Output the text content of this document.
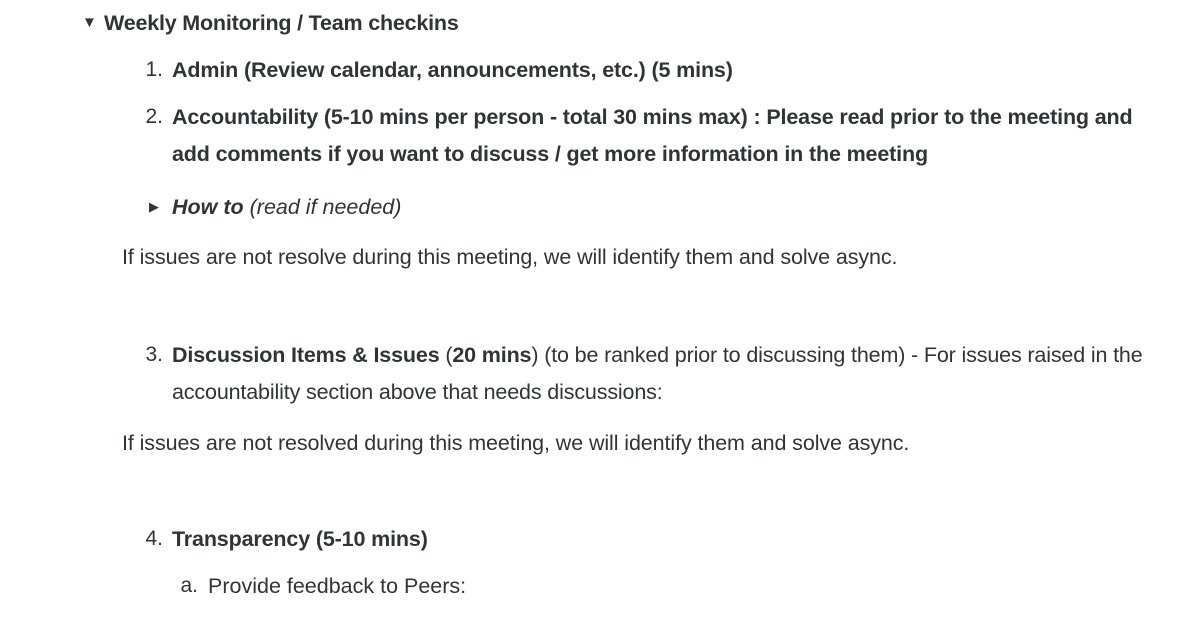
▼ Weekly Monitoring / Team checkins
1. Admin (Review calendar, announcements, etc.) (5 mins)
2. Accountability (5-10 mins per person - total 30 mins max) : Please read prior to the meeting and add comments if you want to discuss / get more information in the meeting
▶ How to (read if needed)
If issues are not resolve during this meeting, we will identify them and solve async.
3. Discussion Items & Issues (20 mins) (to be ranked prior to discussing them) - For issues raised in the accountability section above that needs discussions:
If issues are not resolved during this meeting, we will identify them and solve async.
4. Transparency (5-10 mins)
a. Provide feedback to Peers:
